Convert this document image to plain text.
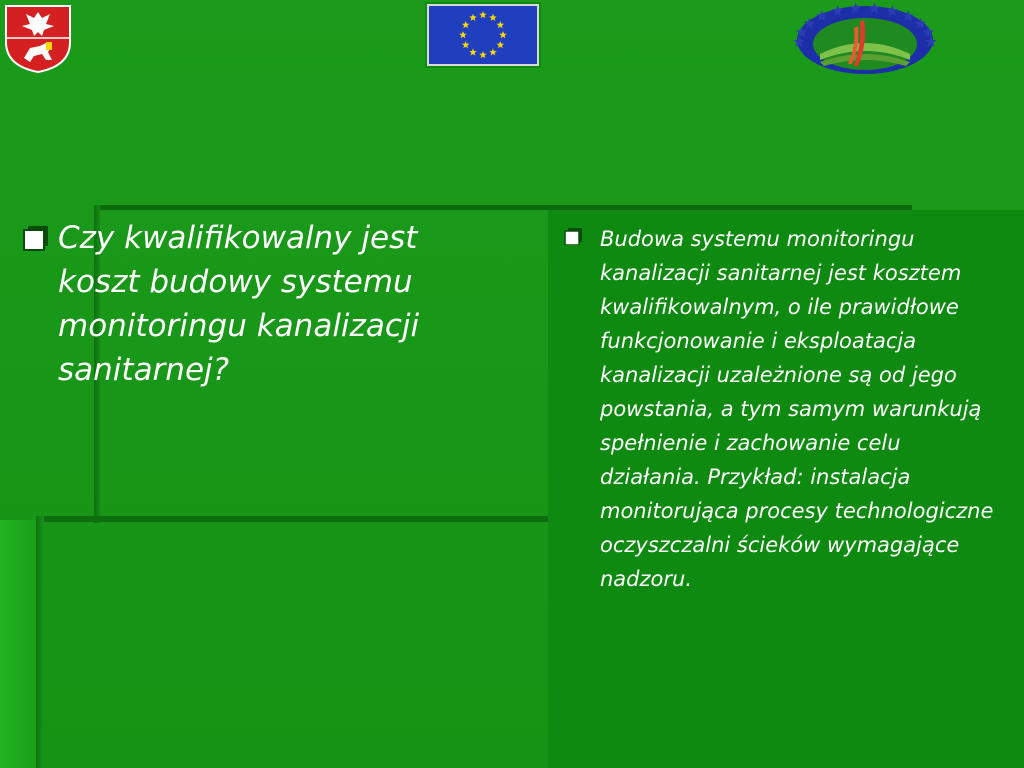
Czy kwalifikowalny jest koszt budowy systemu monitoringu kanalizacji sanitarnej?
Budowa systemu monitoringu kanalizacji sanitarnej jest kosztem kwalifikowalnym, o ile prawidłowe funkcjonowanie i eksploatacja kanalizacji uzależnione są od jego powstania, a tym samym warunkują spełnienie i zachowanie celu działania. Przykład: instalacja monitorująca procesy technologiczne oczyszczalni ścieków wymagające nadzoru.
